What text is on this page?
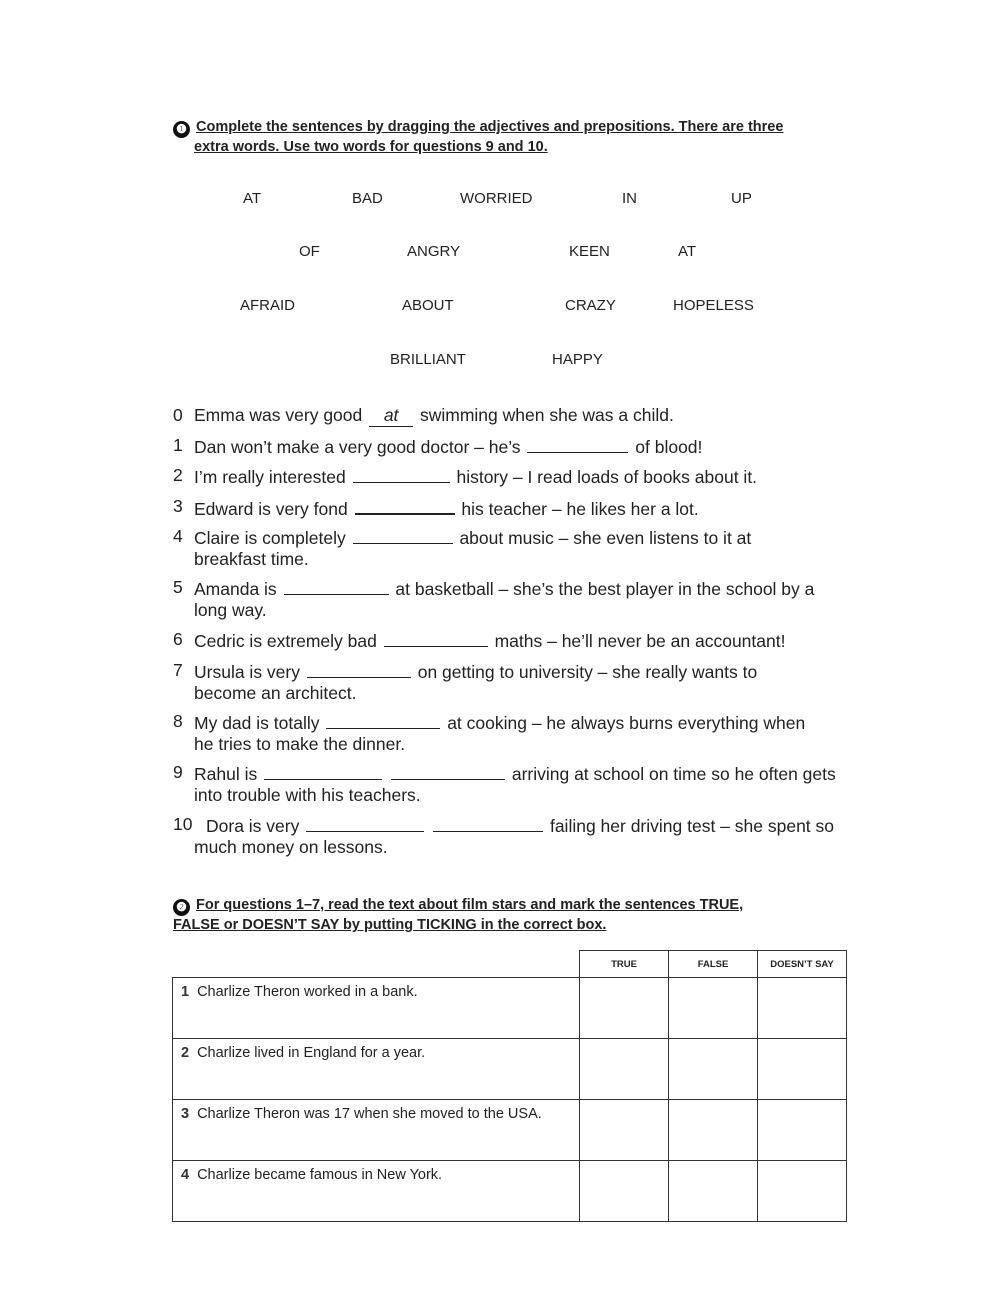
❶ Complete the sentences by dragging the adjectives and prepositions. There are three
extra words. Use two words for questions 9 and 10.
AT	BAD	WORRIED	IN	UP
OF	ANGRY	KEEN	AT
AFRAID	ABOUT	CRAZY	HOPELESS
BRILLIANT	HAPPY
0 Emma was very good at swimming when she was a child.
1 Dan won’t make a very good doctor – he’s	of blood!
2 I’m really interested	history – I read loads of books about it.
3 Edward is very fond	his teacher – he likes her a lot.
4 Claire is completely	about music – she even listens to it at breakfast time.
5 Amanda is	at basketball – she’s the best player in the school by a long way.
6 Cedric is extremely bad	maths – he’ll never be an accountant!
7 Ursula is very	on getting to university – she really wants to become an architect.
8 My dad is totally	at cooking – he always burns everything when he tries to make the dinner.
9 Rahul is	arriving at school on time so he often gets into trouble with his teachers.
10 Dora is very	failing her driving test – she spent so much money on lessons.
❷ For questions 1–7, read the text about film stars and mark the sentences TRUE,
FALSE or DOESN’T SAY by putting TICKING in the correct box.
	TRUE	FALSE	DOESN’T SAY
1 Charlize Theron worked in a bank.			
2 Charlize lived in England for a year.			
3 Charlize Theron was 17 when she moved to the USA.			
4 Charlize became famous in New York.			
